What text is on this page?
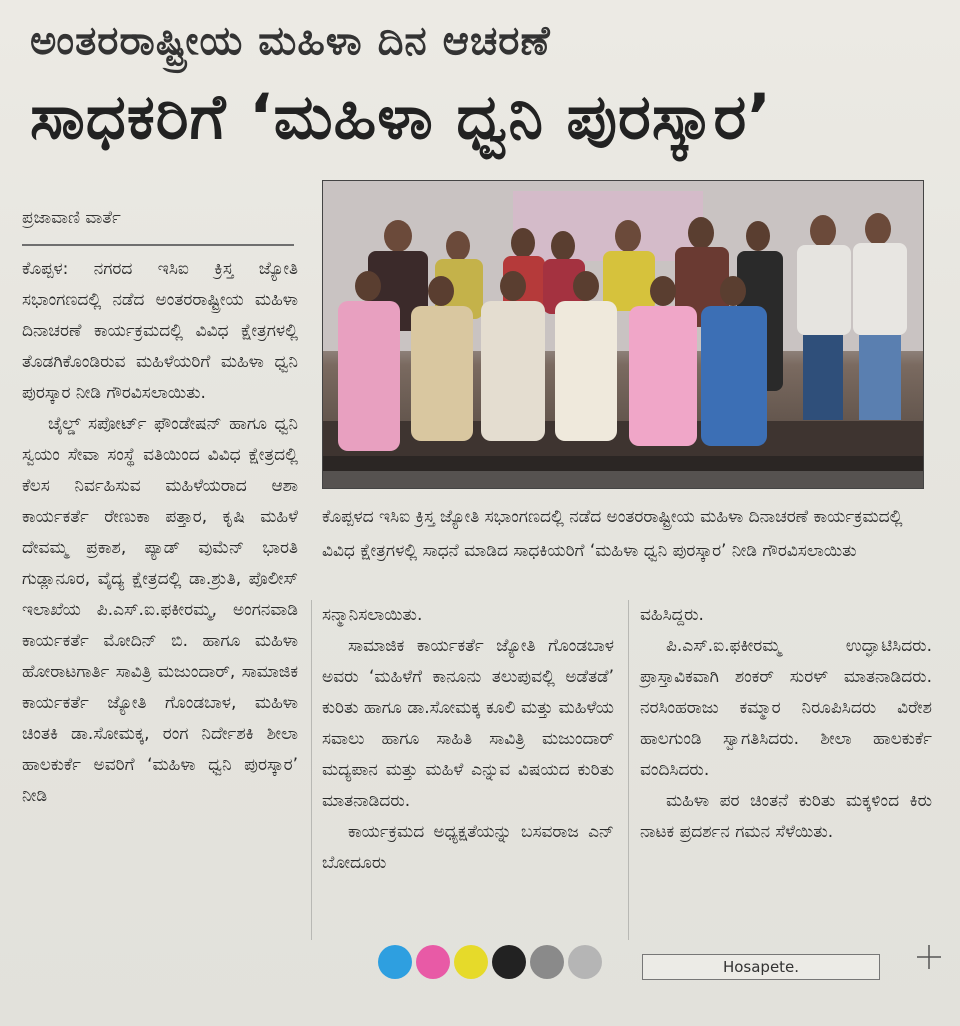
ಅಂತರರಾಷ್ಟ್ರೀಯ ಮಹಿಳಾ ದಿನ ಆಚರಣೆ
ಸಾಧಕರಿಗೆ ‘ಮಹಿಳಾ ಧ್ವನಿ ಪುರಸ್ಕಾರ’
ಪ್ರಜಾವಾಣಿ ವಾರ್ತೆ

ಕೊಪ್ಪಳ: ನಗರದ ಇಸಿಐ ಕ್ರಿಸ್ತ ಜ್ಯೋತಿ ಸಭಾಂಗಣದಲ್ಲಿ ನಡೆದ ಅಂತರರಾಷ್ಟ್ರೀಯ ಮಹಿಳಾ ದಿನಾಚರಣೆ ಕಾರ್ಯಕ್ರಮದಲ್ಲಿ ವಿವಿಧ ಕ್ಷೇತ್ರಗಳಲ್ಲಿ ತೊಡಗಿಕೊಂಡಿರುವ ಮಹಿಳೆಯರಿಗೆ ಮಹಿಳಾ ಧ್ವನಿ ಪುರಸ್ಕಾರ ನೀಡಿ ಗೌರವಿಸಲಾಯಿತು.

ಚೈಲ್ಡ್ ಸಪೋರ್ಟ್ ಫೌಂಡೇಷನ್ ಹಾಗೂ ಧ್ವನಿ ಸ್ವಯಂ ಸೇವಾ ಸಂಸ್ಥೆ ವತಿಯಿಂದ ವಿವಿಧ ಕ್ಷೇತ್ರದಲ್ಲಿ ಕೆಲಸ ನಿರ್ವಹಿಸುವ ಮಹಿಳೆಯರಾದ ಆಶಾ ಕಾರ್ಯಕರ್ತೆ ರೇಣುಕಾ ಪತ್ತಾರ, ಕೃಷಿ ಮಹಿಳೆ ದೇವಮ್ಮ ಪ್ರಕಾಶ, ಪ್ಯಾಡ್ ವುಮೆನ್ ಭಾರತಿ ಗುಡ್ಲಾನೂರ, ವೈದ್ಯ ಕ್ಷೇತ್ರದಲ್ಲಿ ಡಾ.ಶ್ರುತಿ, ಪೊಲೀಸ್ ಇಲಾಖೆಯ ಪಿ.ಎಸ್.ಐ.ಫಕೀರಮ್ಮ, ಅಂಗನವಾಡಿ ಕಾರ್ಯಕರ್ತೆ ಮೋದಿನ್ ಬಿ. ಹಾಗೂ ಮಹಿಳಾ ಹೋರಾಟಗಾರ್ತಿ ಸಾವಿತ್ರಿ ಮಜುಂದಾರ್, ಸಾಮಾಜಿಕ ಕಾರ್ಯಕರ್ತೆ ಜ್ಯೋತಿ ಗೊಂಡಬಾಳ, ಮಹಿಳಾ ಚಿಂತಕಿ ಡಾ.ಸೋಮಕ್ಕ, ರಂಗ ನಿರ್ದೇಶಕಿ ಶೀಲಾ ಹಾಲಕುರ್ಕೆ ಅವರಿಗೆ ‘ಮಹಿಳಾ ಧ್ವನಿ ಪುರಸ್ಕಾರ’ ನೀಡಿ

ಕೊಪ್ಪಳದ ಇಸಿಐ ಕ್ರಿಸ್ತ ಜ್ಯೋತಿ ಸಭಾಂಗಣದಲ್ಲಿ ನಡೆದ ಅಂತರರಾಷ್ಟ್ರೀಯ ಮಹಿಳಾ ದಿನಾಚರಣೆ ಕಾರ್ಯಕ್ರಮದಲ್ಲಿ ವಿವಿಧ ಕ್ಷೇತ್ರಗಳಲ್ಲಿ ಸಾಧನೆ ಮಾಡಿದ ಸಾಧಕಿಯರಿಗೆ ‘ಮಹಿಳಾ ಧ್ವನಿ ಪುರಸ್ಕಾರ’ ನೀಡಿ ಗೌರವಿಸಲಾಯಿತು

ಸನ್ಮಾನಿಸಲಾಯಿತು.

ಸಾಮಾಜಿಕ ಕಾರ್ಯಕರ್ತೆ ಜ್ಯೋತಿ ಗೊಂಡಬಾಳ ಅವರು ‘ಮಹಿಳೆಗೆ ಕಾನೂನು ತಲುಪುವಲ್ಲಿ ಅಡೆತಡೆ’ ಕುರಿತು ಹಾಗೂ ಡಾ.ಸೋಮಕ್ಕ ಕೂಲಿ ಮತ್ತು ಮಹಿಳೆಯ ಸವಾಲು ಹಾಗೂ ಸಾಹಿತಿ ಸಾವಿತ್ರಿ ಮಜುಂದಾರ್ ಮದ್ಯಪಾನ ಮತ್ತು ಮಹಿಳೆ ಎನ್ನುವ ವಿಷಯದ ಕುರಿತು ಮಾತನಾಡಿದರು.

ಕಾರ್ಯಕ್ರಮದ ಅಧ್ಯಕ್ಷತೆಯನ್ನು ಬಸವರಾಜ ಎನ್ ಬೋದೂರು

ವಹಿಸಿದ್ದರು.

ಪಿ.ಎಸ್.ಐ.ಫಕೀರಮ್ಮ ಉದ್ಘಾಟಿಸಿದರು. ಪ್ರಾಸ್ತಾವಿಕವಾಗಿ ಶಂಕರ್ ಸುರಳ್ ಮಾತನಾಡಿದರು. ನರಸಿಂಹರಾಜು ಕಮ್ಮಾರ ನಿರೂಪಿಸಿದರು ವಿರೇಶ ಹಾಲಗುಂಡಿ ಸ್ವಾಗತಿಸಿದರು. ಶೀಲಾ ಹಾಲಕುರ್ಕೆ ವಂದಿಸಿದರು.

ಮಹಿಳಾ ಪರ ಚಿಂತನೆ ಕುರಿತು ಮಕ್ಕಳಿಂದ ಕಿರು ನಾಟಕ ಪ್ರದರ್ಶನ ಗಮನ ಸೆಳೆಯಿತು.

Hosapete.
